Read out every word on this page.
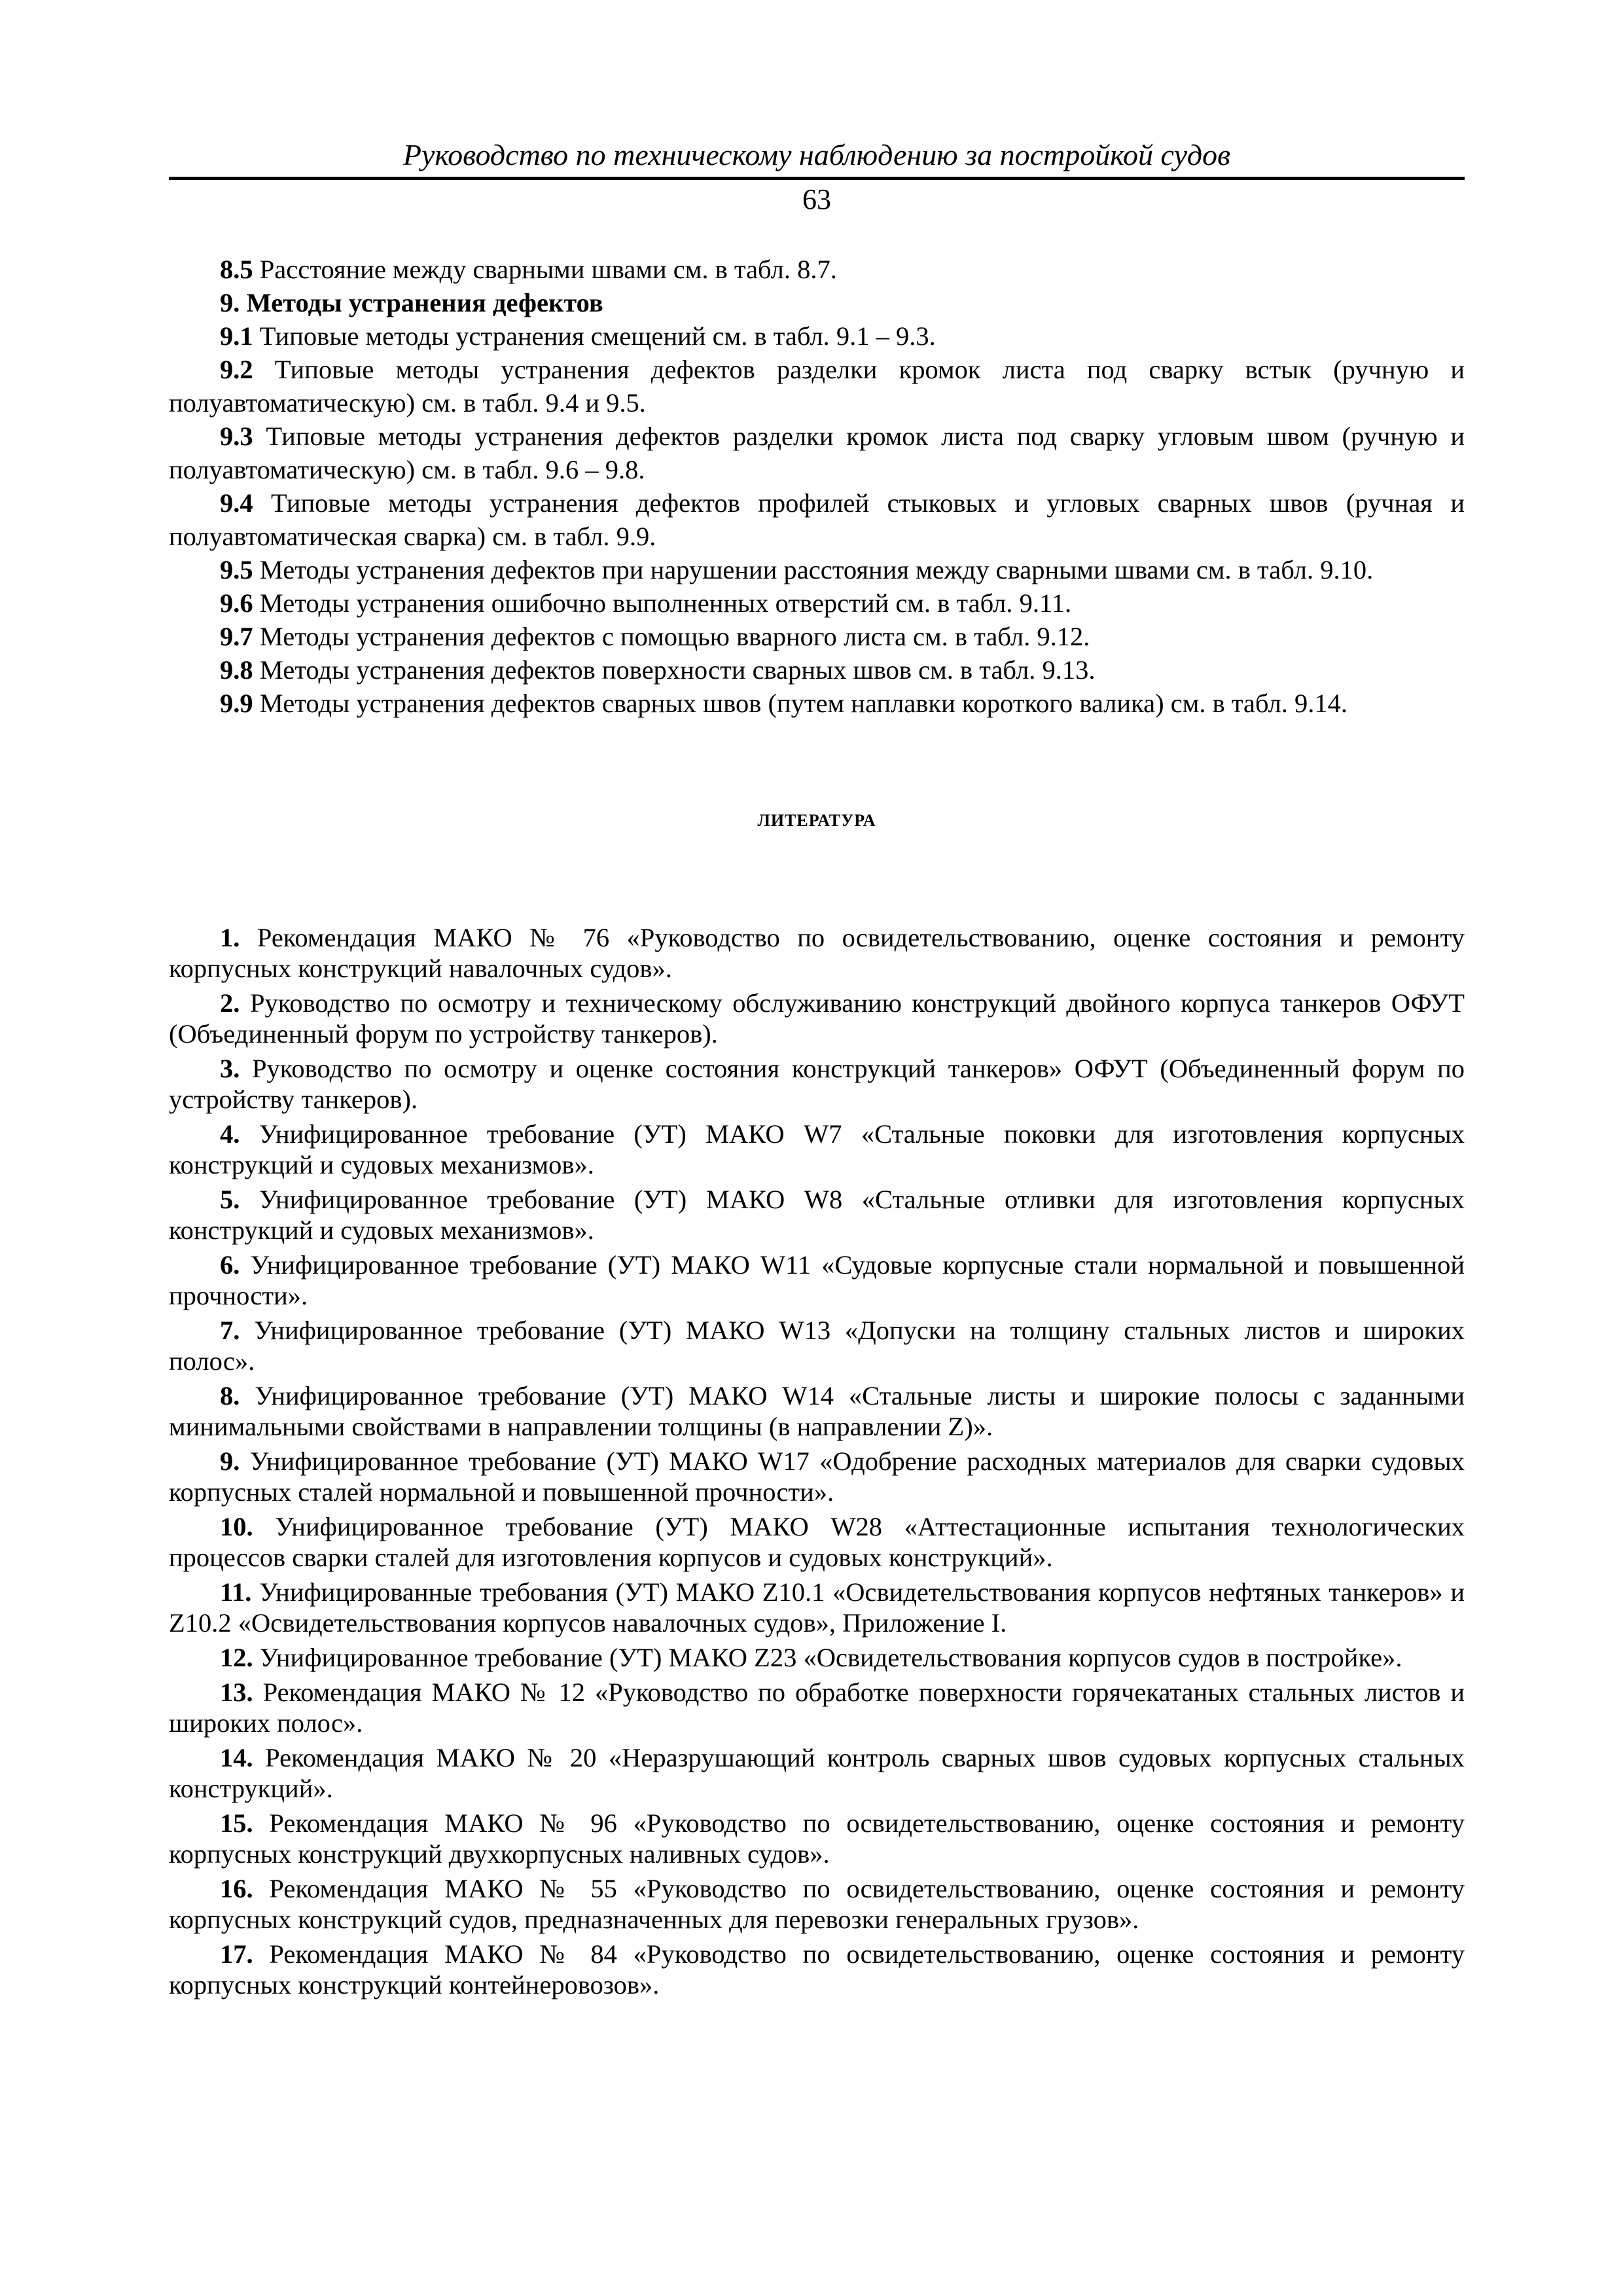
Руководство по техническому наблюдению за постройкой судов
63

8.5 Расстояние между сварными швами см. в табл. 8.7.

9. Методы устранения дефектов

9.1 Типовые методы устранения смещений см. в табл. 9.1 – 9.3.

9.2 Типовые методы устранения дефектов разделки кромок листа под сварку встык (ручную и полуавтоматическую) см. в табл. 9.4 и 9.5.

9.3 Типовые методы устранения дефектов разделки кромок листа под сварку угловым швом (ручную и полуавтоматическую) см. в табл. 9.6 – 9.8.

9.4 Типовые методы устранения дефектов профилей стыковых и угловых сварных швов (ручная и полуавтоматическая сварка) см. в табл. 9.9.

9.5 Методы устранения дефектов при нарушении расстояния между сварными швами см. в табл. 9.10.

9.6 Методы устранения ошибочно выполненных отверстий см. в табл. 9.11.

9.7 Методы устранения дефектов с помощью вварного листа см. в табл. 9.12.

9.8 Методы устранения дефектов поверхности сварных швов см. в табл. 9.13.

9.9 Методы устранения дефектов сварных швов (путем наплавки короткого валика) см. в табл. 9.14.

ЛИТЕРАТУРА

1. Рекомендация МАКО № 76 «Руководство по освидетельствованию, оценке состояния и ремонту корпусных конструкций навалочных судов».

2. Руководство по осмотру и техническому обслуживанию конструкций двойного корпуса танкеров ОФУТ (Объединенный форум по устройству танкеров).

3. Руководство по осмотру и оценке состояния конструкций танкеров» ОФУТ (Объединенный форум по устройству танкеров).

4. Унифицированное требование (УТ) МАКО W7 «Стальные поковки для изготовления корпусных конструкций и судовых механизмов».

5. Унифицированное требование (УТ) МАКО W8 «Стальные отливки для изготовления корпусных конструкций и судовых механизмов».

6. Унифицированное требование (УТ) МАКО W11 «Судовые корпусные стали нормальной и повышенной прочности».

7. Унифицированное требование (УТ) МАКО W13 «Допуски на толщину стальных листов и широких полос».

8. Унифицированное требование (УТ) МАКО W14 «Стальные листы и широкие полосы с заданными минимальными свойствами в направлении толщины (в направлении Z)».

9. Унифицированное требование (УТ) МАКО W17 «Одобрение расходных материалов для сварки судовых корпусных сталей нормальной и повышенной прочности».

10. Унифицированное требование (УТ) МАКО W28 «Аттестационные испытания технологических процессов сварки сталей для изготовления корпусов и судовых конструкций».

11. Унифицированные требования (УТ) МАКО Z10.1 «Освидетельствования корпусов нефтяных танкеров» и Z10.2 «Освидетельствования корпусов навалочных судов», Приложение I.

12. Унифицированное требование (УТ) МАКО Z23 «Освидетельствования корпусов судов в постройке».

13. Рекомендация МАКО № 12 «Руководство по обработке поверхности горячекатаных стальных листов и широких полос».

14. Рекомендация МАКО № 20 «Неразрушающий контроль сварных швов судовых корпусных стальных конструкций».

15. Рекомендация МАКО № 96 «Руководство по освидетельствованию, оценке состояния и ремонту корпусных конструкций двухкорпусных наливных судов».

16. Рекомендация МАКО № 55 «Руководство по освидетельствованию, оценке состояния и ремонту корпусных конструкций судов, предназначенных для перевозки генеральных грузов».

17. Рекомендация МАКО № 84 «Руководство по освидетельствованию, оценке состояния и ремонту корпусных конструкций контейнеровозов».
